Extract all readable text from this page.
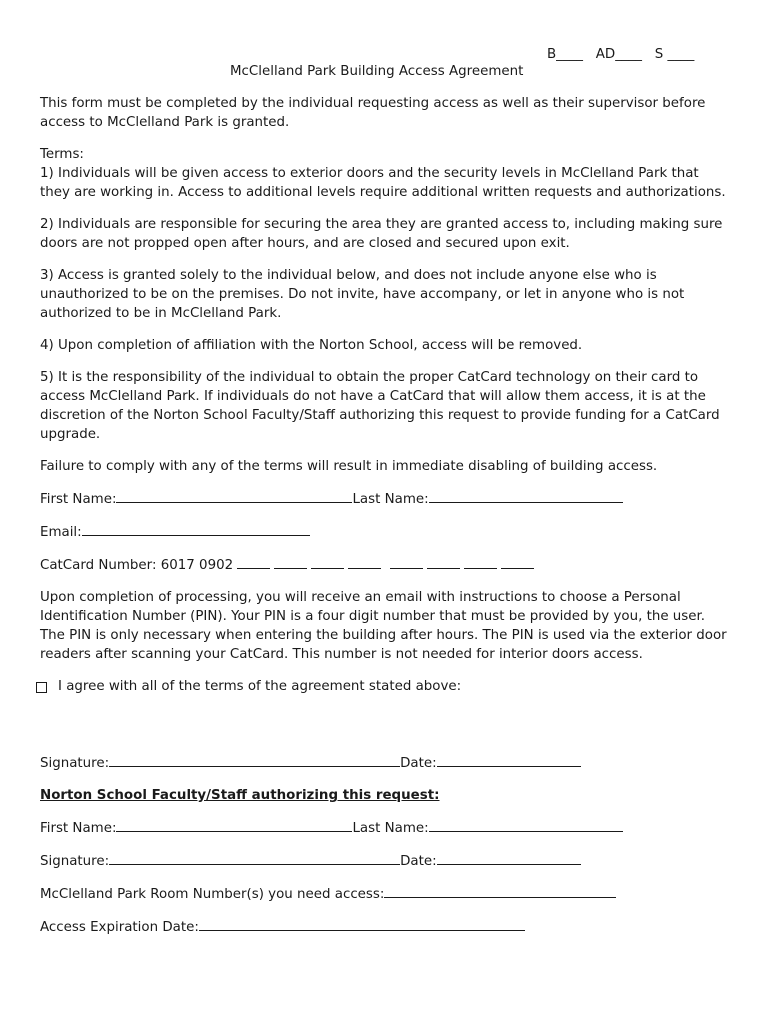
B____   AD____   S ____
McClelland Park Building Access Agreement

This form must be completed by the individual requesting access as well as their supervisor before access to McClelland Park is granted.

Terms:

1) Individuals will be given access to exterior doors and the security levels in McClelland Park that they are working in. Access to additional levels require additional written requests and authorizations.

2) Individuals are responsible for securing the area they are granted access to, including making sure doors are not propped open after hours, and are closed and secured upon exit.

3) Access is granted solely to the individual below, and does not include anyone else who is unauthorized to be on the premises. Do not invite, have accompany, or let in anyone who is not authorized to be in McClelland Park.

4) Upon completion of affiliation with the Norton School, access will be removed.

5) It is the responsibility of the individual to obtain the proper CatCard technology on their card to access McClelland Park. If individuals do not have a CatCard that will allow them access, it is at the discretion of the Norton School Faculty/Staff authorizing this request to provide funding for a CatCard upgrade.

Failure to comply with any of the terms will result in immediate disabling of building access.

First Name:	Last Name:
Email:
CatCard Number: 6017 0902

Upon completion of processing, you will receive an email with instructions to choose a Personal Identification Number (PIN). Your PIN is a four digit number that must be provided by you, the user. The PIN is only necessary when entering the building after hours. The PIN is used via the exterior door readers after scanning your CatCard. This number is not needed for interior doors access.

I agree with all of the terms of the agreement stated above:
Signature:	Date:
Norton School Faculty/Staff authorizing this request:
First Name:	Last Name:
Signature:	Date:
McClelland Park Room Number(s) you need access:
Access Expiration Date:
